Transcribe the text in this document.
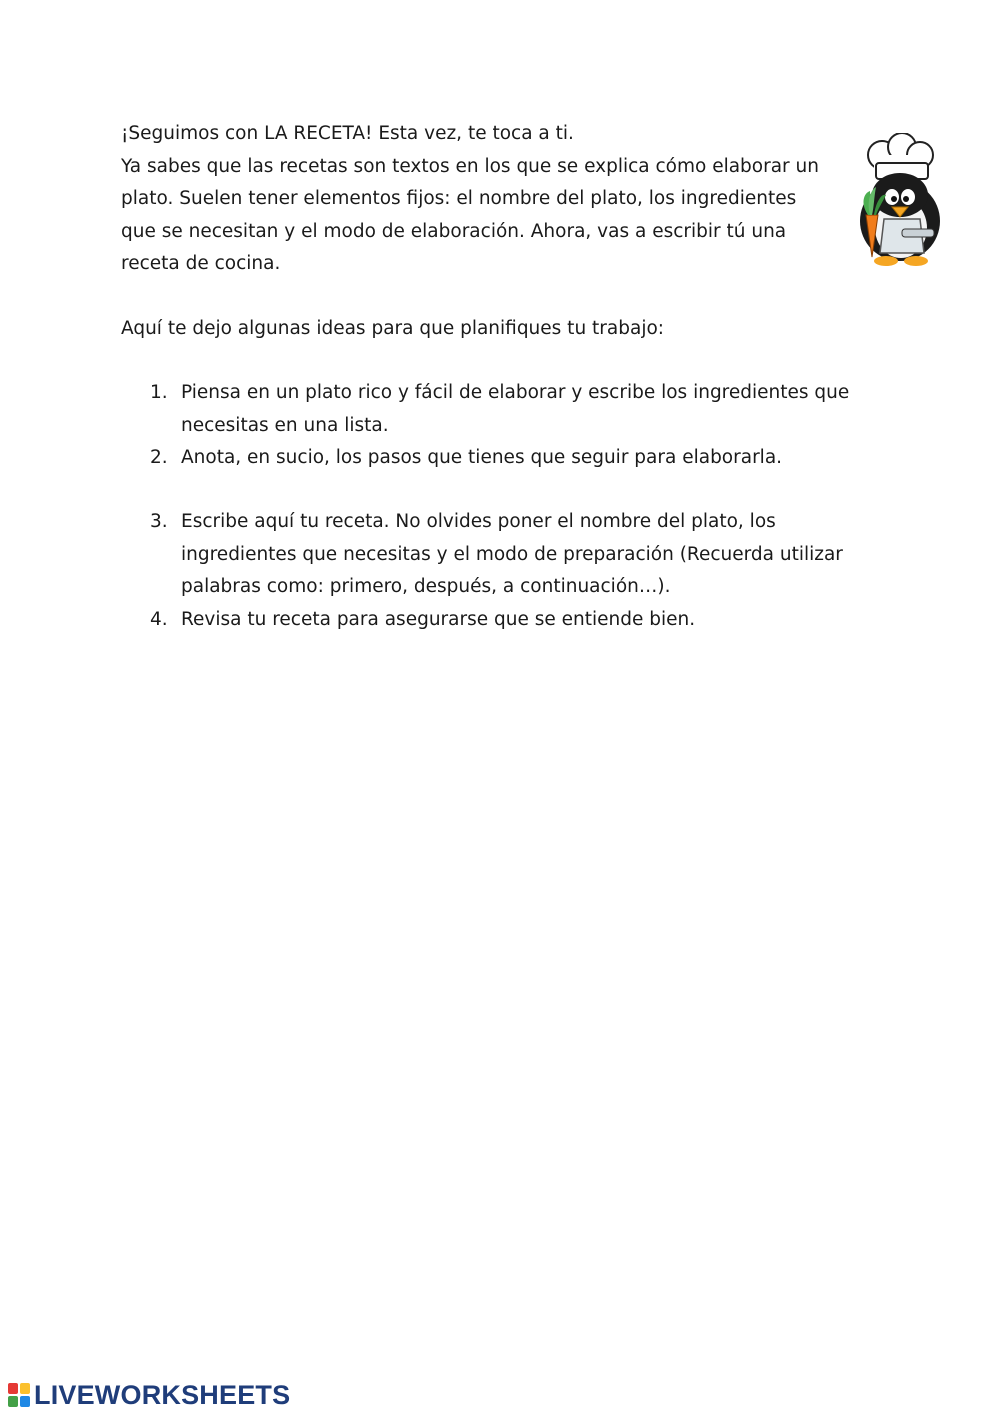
¡Seguimos con LA RECETA! Esta vez, te toca a ti.

Ya sabes que las recetas son textos en los que se explica cómo elaborar un

plato. Suelen tener elementos fijos: el nombre del plato, los ingredientes

que se necesitan y el modo de elaboración. Ahora, vas a escribir tú una

receta de cocina.

Aquí te dejo algunas ideas para que planifiques tu trabajo:

1. Piensa en un plato rico y fácil de elaborar y escribe los ingredientes que
necesitas en una lista.
2. Anota, en sucio, los pasos que tienes que seguir para elaborarla.
3. Escribe aquí tu receta. No olvides poner el nombre del plato, los
ingredientes que necesitas y el modo de preparación (Recuerda utilizar
palabras como: primero, después, a continuación…).
4. Revisa tu receta para asegurarse que se entiende bien.
LIVEWORKSHEETS
